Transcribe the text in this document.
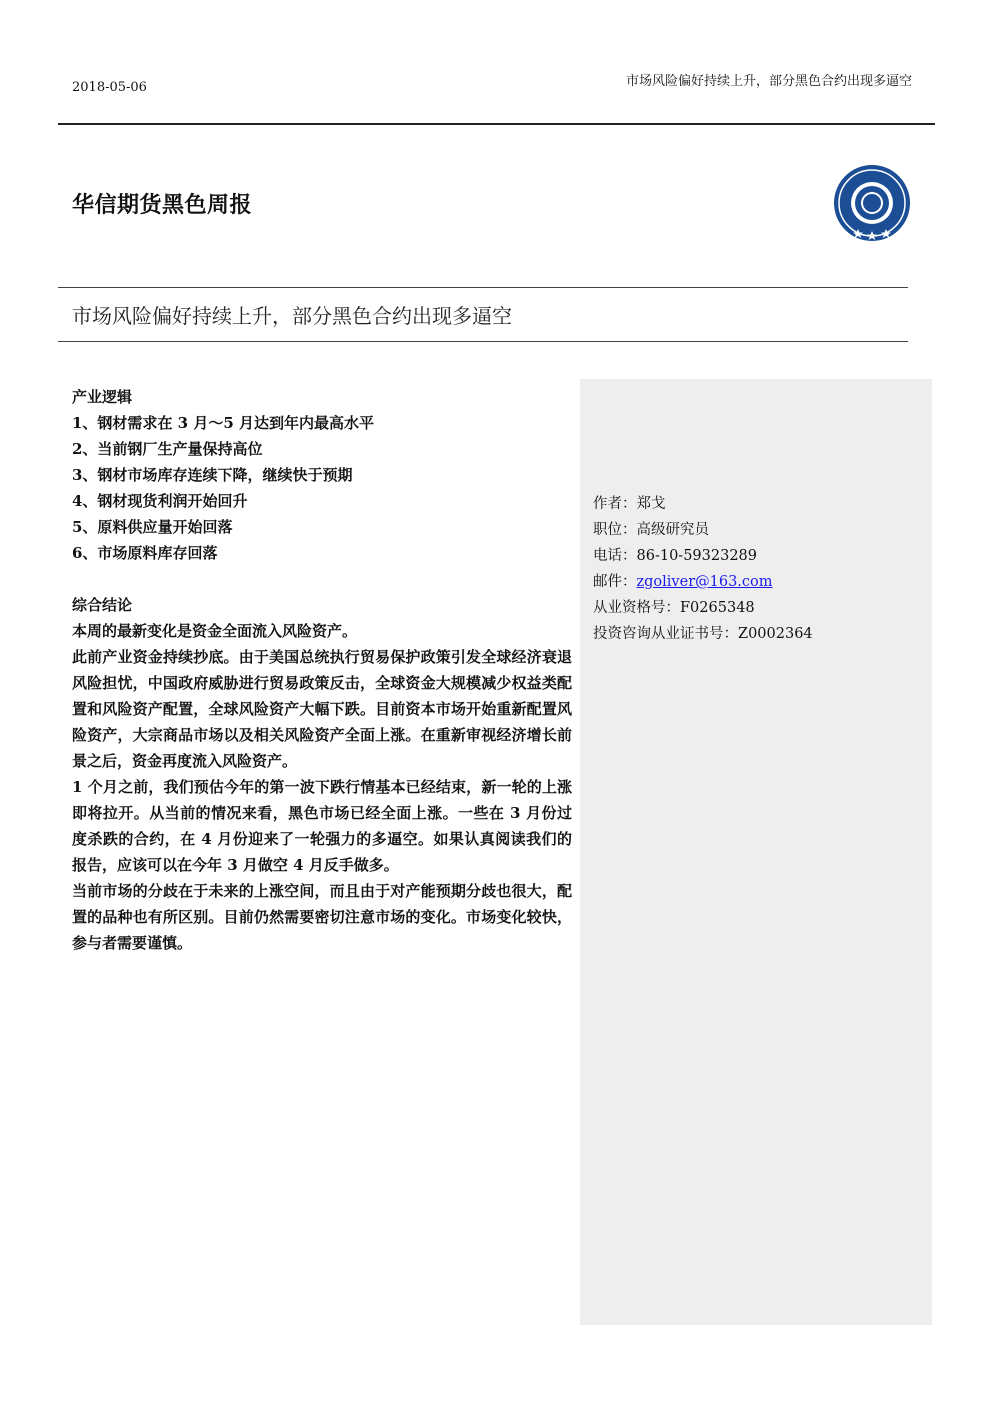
2018-05-06	市场风险偏好持续上升，部分黑色合约出现多逼空
华信期货黑色周报
市场风险偏好持续上升，部分黑色合约出现多逼空
作者：郑戈
职位：高级研究员
电话：86-10-59323289
邮件：zgoliver@163.com
从业资格号：F0265348
投资咨询从业证书号：Z0002364

产业逻辑

1、钢材需求在 3 月～5 月达到年内最高水平

2、当前钢厂生产量保持高位

3、钢材市场库存连续下降，继续快于预期

4、钢材现货利润开始回升

5、原料供应量开始回落

6、市场原料库存回落

综合结论

本周的最新变化是资金全面流入风险资产。

此前产业资金持续抄底。由于美国总统执行贸易保护政策引发全球经济衰退风险担忧，中国政府威胁进行贸易政策反击，全球资金大规模减少权益类配置和风险资产配置，全球风险资产大幅下跌。目前资本市场开始重新配置风险资产，大宗商品市场以及相关风险资产全面上涨。在重新审视经济增长前景之后，资金再度流入风险资产。

1 个月之前，我们预估今年的第一波下跌行情基本已经结束，新一轮的上涨即将拉开。从当前的情况来看，黑色市场已经全面上涨。一些在 3 月份过度杀跌的合约，在 4 月份迎来了一轮强力的多逼空。如果认真阅读我们的报告，应该可以在今年 3 月做空 4 月反手做多。

当前市场的分歧在于未来的上涨空间，而且由于对产能预期分歧也很大，配置的品种也有所区别。目前仍然需要密切注意市场的变化。市场变化较快，参与者需要谨慎。
